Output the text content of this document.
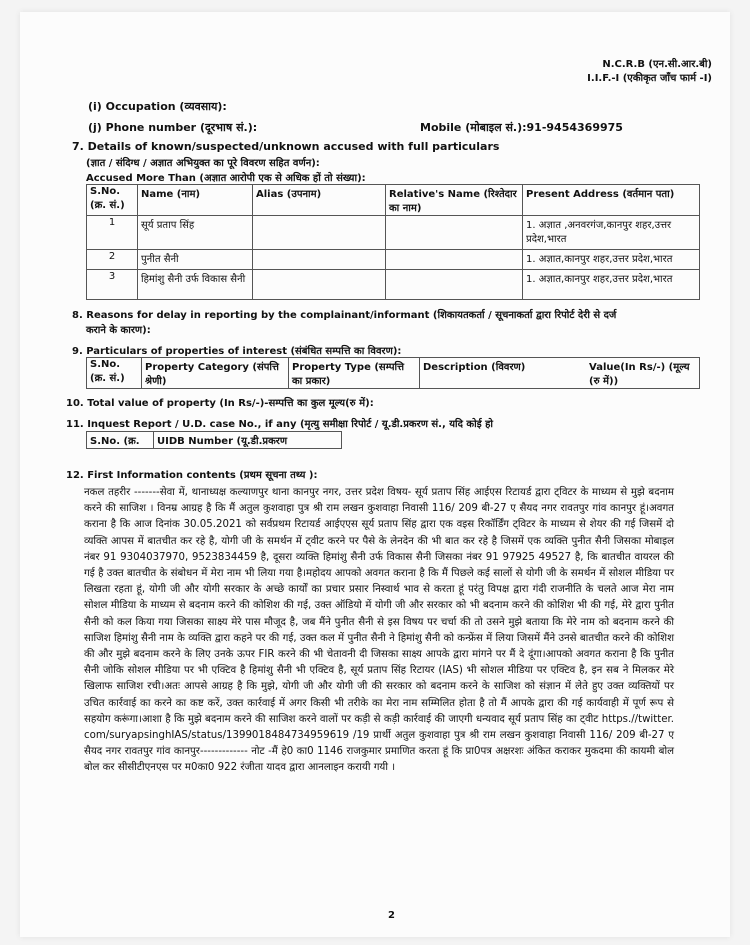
N.C.R.B (एन.सी.आर.बी)
I.I.F.-I (एकीकृत जाँच फार्म -I)
(i) Occupation (व्यवसाय):
(j) Phone number (दूरभाष सं.):	Mobile (मोबाइल सं.):91-9454369975
7. Details of known/suspected/unknown accused with full particulars
(ज्ञात / संदिग्ध / अज्ञात अभियुक्त का पूरे विवरण सहित वर्णन):
Accused More Than (अज्ञात आरोपी एक से अधिक हों तो संख्या):
S.No.(क्र. सं.)	Name (नाम)	Alias (उपनाम)	Relative's Name (रिश्तेदार का नाम)	Present Address (वर्तमान पता)
1	सूर्य प्रताप सिंह			1. अज्ञात ,अनवरगंज,कानपुर शहर,उत्तर प्रदेश,भारत
2	पुनीत सैनी			1. अज्ञात,कानपुर शहर,उत्तर प्रदेश,भारत
3	हिमांशु सैनी उर्फ विकास सैनी			1. अज्ञात,कानपुर शहर,उत्तर प्रदेश,भारत
8. Reasons for delay in reporting by the complainant/informant (शिकायतकर्ता / सूचनाकर्ता द्वारा रिपोर्ट देरी से दर्ज
कराने के कारण):
9. Particulars of properties of interest (संबंधित सम्पत्ति का विवरण):
S.No. (क्र. सं.)	Property Category (संपत्ति श्रेणी)	Property Type (सम्पत्ति का प्रकार)	Description (विवरण)	Value(In Rs/-) (मूल्य (रु में))
10. Total value of property (In Rs/-)-सम्पत्ति का कुल मूल्य(रु में):
11. Inquest Report / U.D. case No., if any (मृत्यु समीक्षा रिपोर्ट / यू.डी.प्रकरण सं., यदि कोई हो
S.No. (क्र.	UIDB Number (यू.डी.प्रकरण
12. First Information contents (प्रथम सूचना तथ्य ):

नकल तहरीर -------सेवा में, थानाध्यक्ष कल्याणपुर थाना कानपुर नगर, उत्तर प्रदेश विषय- सूर्य प्रताप सिंह आईएस रिटायर्ड द्वारा ट्विटर के माध्यम से मुझे बदनाम करने की साजिश । विनम्र आग्रह है कि मैं अतुल कुशवाहा पुत्र श्री राम लखन कुशवाहा निवासी 116/ 209 बी-27 ए सैयद नगर रावतपुर गांव कानपुर हूं।अवगत कराना है कि आज दिनांक 30.05.2021 को सर्वप्रथम रिटायर्ड आईएएस सूर्य प्रताप सिंह द्वारा एक वइस रिकॉर्डिंग ट्विटर के माध्यम से शेयर की गई जिसमें दो व्यक्ति आपस में बातचीत कर रहे है, योगी जी के समर्थन में ट्वीट करने पर पैसे के लेनदेन की भी बात कर रहे है जिसमें एक व्यक्ति पुनीत सैनी जिसका मोबाइल नंबर 91 9304037970, 9523834459 है, दूसरा व्यक्ति हिमांशु सैनी उर्फ विकास सैनी जिसका नंबर 91 97925 49527 है, कि बातचीत वायरल की गई है उक्त बातचीत के संबोधन में मेरा नाम भी लिया गया है।महोदय आपको अवगत कराना है कि मैं पिछले कई सालों से योगी जी के समर्थन में सोशल मीडिया पर लिखता रहता हूं, योगी जी और योगी सरकार के अच्छे कार्यों का प्रचार प्रसार निस्वार्थ भाव से करता हूं परंतु विपक्ष द्वारा गंदी राजनीति के चलते आज मेरा नाम सोशल मीडिया के माध्यम से बदनाम करने की कोशिश की गई, उक्त ऑडियो में योगी जी और सरकार को भी बदनाम करने की कोशिश भी की गई, मेरे द्वारा पुनीत सैनी को कल किया गया जिसका साक्ष्य मेरे पास मौजूद है, जब मैंने पुनीत सैनी से इस विषय पर चर्चा की तो उसने मुझे बताया कि मेरे नाम को बदनाम करने की साजिश हिमांशु सैनी नाम के व्यक्ति द्वारा कहने पर की गई, उक्त कल में पुनीत सैनी ने हिमांशु सैनी को कन्फ्रेंस में लिया जिसमें मैंने उनसे बातचीत करने की कोशिश की और मुझे बदनाम करने के लिए उनके ऊपर FIR करने की भी चेतावनी दी जिसका साक्ष्य आपके द्वारा मांगने पर मैं दे दूंगा।आपको अवगत कराना है कि पुनीत सैनी जोकि सोशल मीडिया पर भी एक्टिव है हिमांशु सैनी भी एक्टिव है, सूर्य प्रताप सिंह रिटायर (IAS) भी सोशल मीडिया पर एक्टिव है, इन सब ने मिलकर मेरे खिलाफ साजिश रची।अतः आपसे आग्रह है कि मुझे, योगी जी और योगी जी की सरकार को बदनाम करने के साजिश को संज्ञान में लेते हुए उक्त व्यक्तियों पर उचित कार्रवाई का करने का कष्ट करें, उक्त कार्रवाई में अगर किसी भी तरीके का मेरा नाम सम्मिलित होता है तो मैं आपके द्वारा की गई कार्यवाही में पूर्ण रूप से सहयोग करूंगा।आशा है कि मुझे बदनाम करने की साजिश करने वालों पर कड़ी से कड़ी कार्रवाई की जाएगी धन्यवाद सूर्य प्रताप सिंह का ट्वीट https.//twitter. com/suryapsinghIAS/status/1399018484734959619 /19 प्रार्थी अतुल कुशवाहा पुत्र श्री राम लखन कुशवाहा निवासी 116/ 209 बी-27 ए सैयद नगर रावतपुर गांव कानपुर------------- नोट -मैं हे0 का0 1146 राजकुमार प्रमाणित करता हूं कि प्रा0पत्र अक्षरशः अंकित कराकर मुकदमा की कायमी बोल बोल कर सीसीटीएनएस पर म0का0 922 रंजीता यादव द्वारा आनलाइन करायी गयी ।

2
